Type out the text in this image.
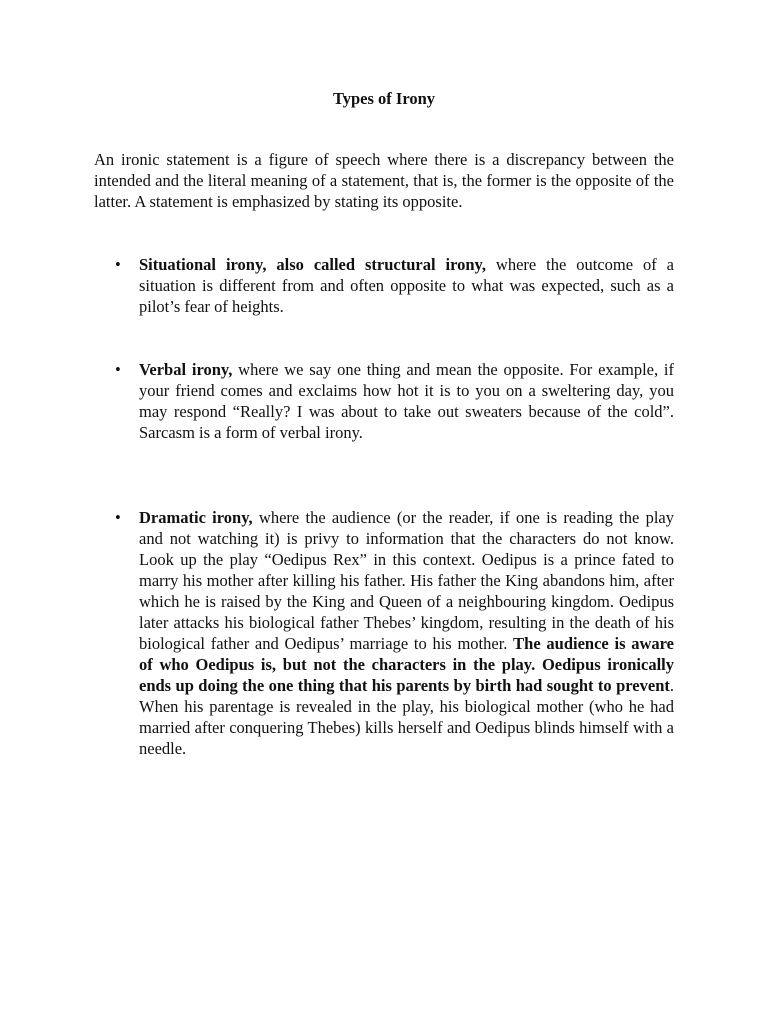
Types of Irony

An ironic statement is a figure of speech where there is a discrepancy between the intended and the literal meaning of a statement, that is, the former is the opposite of the latter. A statement is emphasized by stating its opposite.

• Situational irony, also called structural irony, where the outcome of a situation is different from and often opposite to what was expected, such as a pilot’s fear of heights.

• Verbal irony, where we say one thing and mean the opposite. For example, if your friend comes and exclaims how hot it is to you on a sweltering day, you may respond “Really? I was about to take out sweaters because of the cold”. Sarcasm is a form of verbal irony.

• Dramatic irony, where the audience (or the reader, if one is reading the play and not watching it) is privy to information that the characters do not know. Look up the play “Oedipus Rex” in this context. Oedipus is a prince fated to marry his mother after killing his father. His father the King abandons him, after which he is raised by the King and Queen of a neighbouring kingdom. Oedipus later attacks his biological father Thebes’ kingdom, resulting in the death of his biological father and Oedipus’ marriage to his mother. The audience is aware of who Oedipus is, but not the characters in the play. Oedipus ironically ends up doing the one thing that his parents by birth had sought to prevent. When his parentage is revealed in the play, his biological mother (who he had married after conquering Thebes) kills herself and Oedipus blinds himself with a needle.
